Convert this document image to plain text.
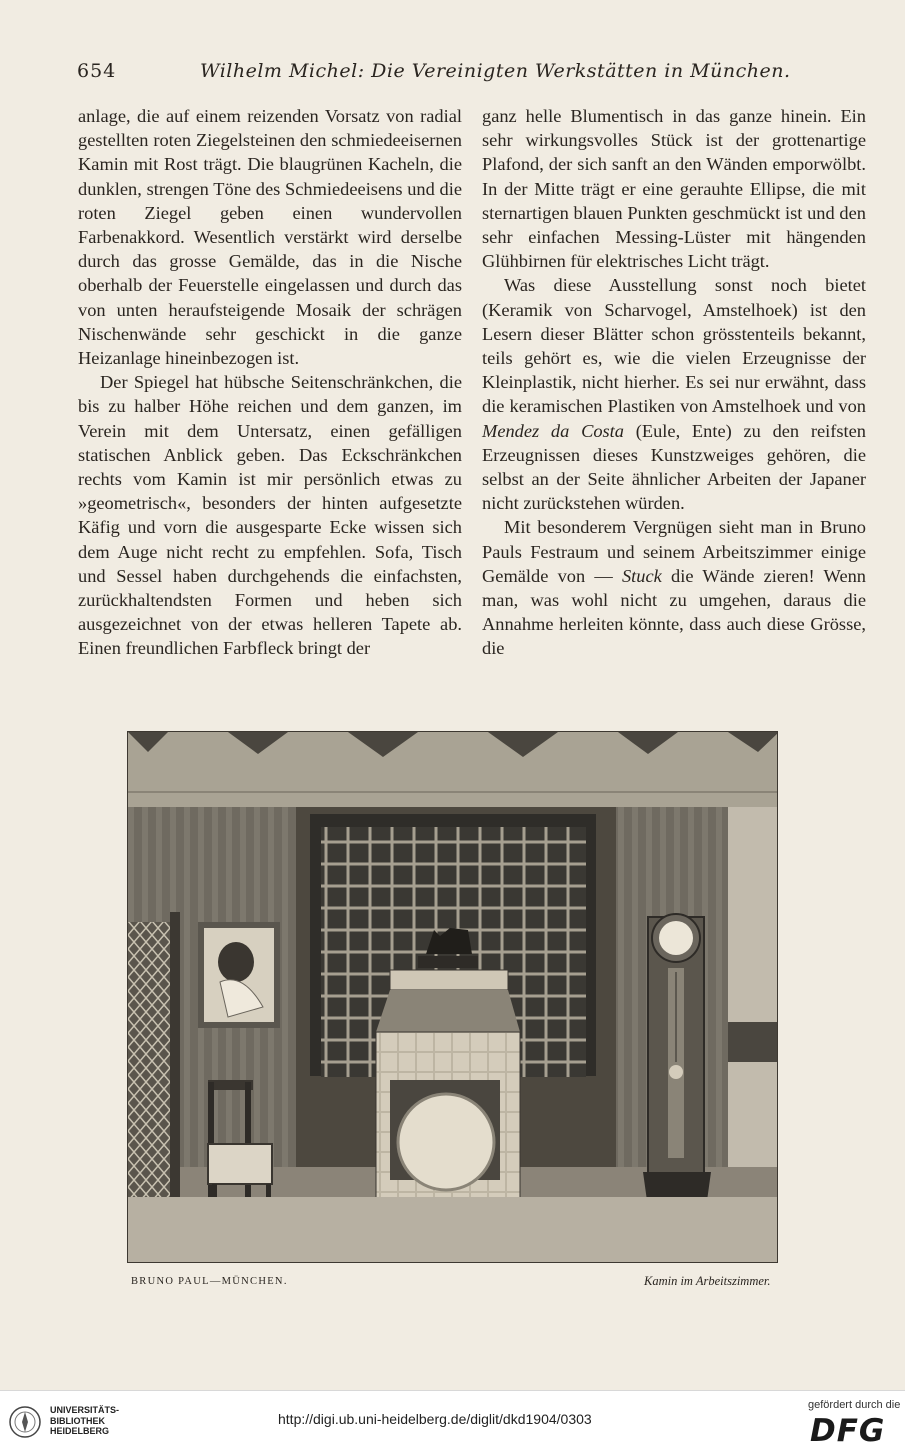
654	Wilhelm Michel: Die Vereinigten Werkstätten in München.

anlage, die auf einem reizenden Vorsatz von radial gestellten roten Ziegelsteinen den schmiedeeisernen Kamin mit Rost trägt. Die blaugrünen Kacheln, die dunklen, strengen Töne des Schmiedeeisens und die roten Ziegel geben einen wundervollen Farbenakkord. Wesentlich verstärkt wird derselbe durch das grosse Gemälde, das in die Nische oberhalb der Feuerstelle eingelassen und durch das von unten heraufsteigende Mosaik der schrägen Nischenwände sehr geschickt in die ganze Heizanlage hineinbezogen ist.

Der Spiegel hat hübsche Seitenschränkchen, die bis zu halber Höhe reichen und dem ganzen, im Verein mit dem Untersatz, einen gefälligen statischen Anblick geben. Das Eckschränkchen rechts vom Kamin ist mir persönlich etwas zu »geometrisch«, besonders der hinten aufgesetzte Käfig und vorn die ausgesparte Ecke wissen sich dem Auge nicht recht zu empfehlen. Sofa, Tisch und Sessel haben durchgehends die einfachsten, zurückhaltendsten Formen und heben sich ausgezeichnet von der etwas helleren Tapete ab. Einen freundlichen Farbfleck bringt der

ganz helle Blumentisch in das ganze hinein. Ein sehr wirkungsvolles Stück ist der grottenartige Plafond, der sich sanft an den Wänden emporwölbt. In der Mitte trägt er eine gerauhte Ellipse, die mit sternartigen blauen Punkten geschmückt ist und den sehr einfachen Messing-Lüster mit hängenden Glühbirnen für elektrisches Licht trägt.

Was diese Ausstellung sonst noch bietet (Keramik von Scharvogel, Amstelhoek) ist den Lesern dieser Blätter schon grösstenteils bekannt, teils gehört es, wie die vielen Erzeugnisse der Kleinplastik, nicht hierher. Es sei nur erwähnt, dass die keramischen Plastiken von Amstelhoek und von Mendez da Costa (Eule, Ente) zu den reifsten Erzeugnissen dieses Kunstzweiges gehören, die selbst an der Seite ähnlicher Arbeiten der Japaner nicht zurückstehen würden.

Mit besonderem Vergnügen sieht man in Bruno Pauls Festraum und seinem Arbeitszimmer einige Gemälde von — Stuck die Wände zieren! Wenn man, was wohl nicht zu umgehen, daraus die Annahme herleiten könnte, dass auch diese Grösse, die

BRUNO PAUL—MÜNCHEN.	Kamin im Arbeitszimmer.
UNIVERSITÄTS-
BIBLIOTHEK
HEIDELBERG
http://digi.ub.uni-heidelberg.de/diglit/dkd1904/0303
gefördert durch die
DFG
